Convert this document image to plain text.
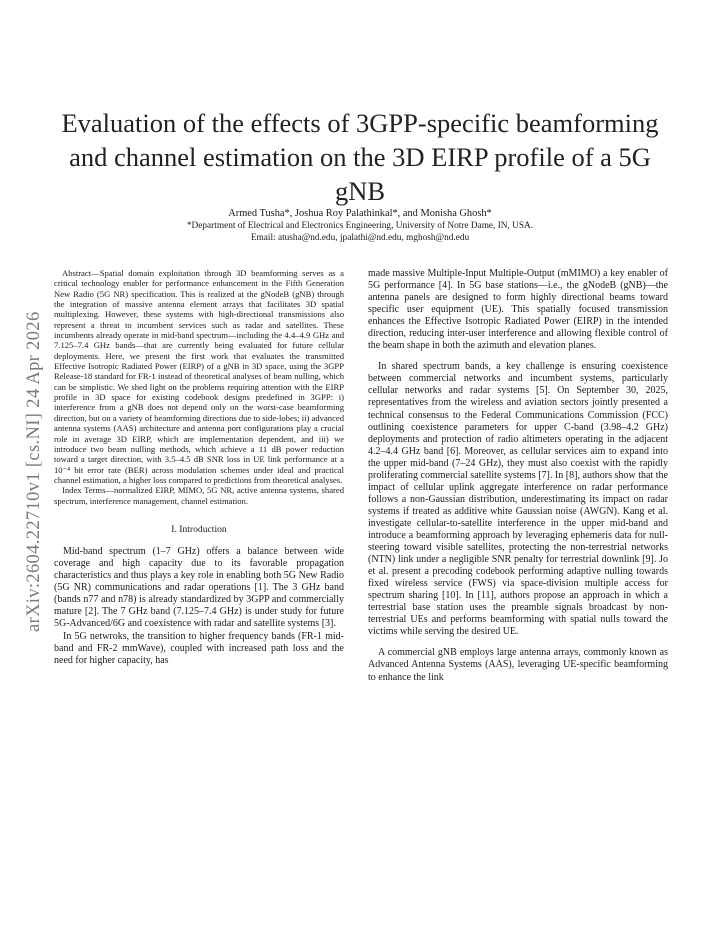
Evaluation of the effects of 3GPP-specific beamforming and channel estimation on the 3D EIRP profile of a 5G gNB
Armed Tusha*, Joshua Roy Palathinkal*, and Monisha Ghosh*
*Department of Electrical and Electronics Engineering, University of Notre Dame, IN, USA.
Email: atusha@nd.edu, jpalathi@nd.edu, mghosh@nd.edu
arXiv:2604.22710v1 [cs.NI] 24 Apr 2026

Abstract—Spatial domain exploitation through 3D beamforming serves as a critical technology enabler for performance enhancement in the Fifth Generation New Radio (5G NR) specification. This is realized at the gNodeB (gNB) through the integration of massive antenna element arrays that facilitates 3D spatial multiplexing. However, these systems with high-directional transmissions also represent a threat to incumbent services such as radar and satellites. These incumbents already operate in mid-band spectrum—including the 4.4–4.9 GHz and 7.125–7.4 GHz bands—that are currently being evaluated for future cellular deployments. Here, we present the first work that evaluates the transmitted Effective Isotropic Radiated Power (EIRP) of a gNB in 3D space, using the 3GPP Release-18 standard for FR-1 instead of theoretical analyses of beam nulling, which can be simplistic. We shed light on the problems requiring attention with the EIRP profile in 3D space for existing codebook designs predefined in 3GPP: i) interference from a gNB does not depend only on the worst-case beamforming direction, but on a variety of beamforming directions due to side-lobes; ii) advanced antenna systems (AAS) architecture and antenna port configurations play a crucial role in average 3D EIRP, which are implementation dependent, and iii) we introduce two beam nulling methods, which achieve a 11 dB power reduction toward a target direction, with 3.5–4.5 dB SNR loss in UE link performance at a 10⁻⁴ bit error rate (BER) across modulation schemes under ideal and practical channel estimation, a higher loss compared to predictions from theoretical analyses.

Index Terms—normalized EIRP, MIMO, 5G NR, active antenna systems, shared spectrum, interference management, channel estimation.

I. Introduction

Mid-band spectrum (1–7 GHz) offers a balance between wide coverage and high capacity due to its favorable propagation characteristics and thus plays a key role in enabling both 5G New Radio (5G NR) communications and radar operations [1]. The 3 GHz band (bands n77 and n78) is already standardized by 3GPP and commercially mature [2]. The 7 GHz band (7.125–7.4 GHz) is under study for future 5G-Advanced/6G and coexistence with radar and satellite systems [3].

In 5G netwroks, the transition to higher frequency bands (FR-1 mid-band and FR-2 mmWave), coupled with increased path loss and the need for higher capacity, has

made massive Multiple-Input Multiple-Output (mMIMO) a key enabler of 5G performance [4]. In 5G base stations—i.e., the gNodeB (gNB)—the antenna panels are designed to form highly directional beams toward specific user equipment (UE). This spatially focused transmission enhances the Effective Isotropic Radiated Power (EIRP) in the intended direction, reducing inter-user interference and allowing flexible control of the beam shape in both the azimuth and elevation planes.

In shared spectrum bands, a key challenge is ensuring coexistence between commercial networks and incumbent systems, particularly cellular networks and radar systems [5]. On September 30, 2025, representatives from the wireless and aviation sectors jointly presented a technical consensus to the Federal Communications Commission (FCC) outlining coexistence parameters for upper C-band (3.98–4.2 GHz) deployments and protection of radio altimeters operating in the adjacent 4.2–4.4 GHz band [6]. Moreover, as cellular services aim to expand into the upper mid-band (7–24 GHz), they must also coexist with the rapidly proliferating commercial satellite systems [7]. In [8], authors show that the impact of cellular uplink aggregate interference on radar performance follows a non-Gaussian distribution, underestimating its impact on radar systems if treated as additive white Gaussian noise (AWGN). Kang et al. investigate cellular-to-satellite interference in the upper mid-band and introduce a beamforming approach by leveraging ephemeris data for null-steering toward visible satellites, protecting the non-terrestrial networks (NTN) link under a negligible SNR penalty for terrestrial downlink [9]. Jo et al. present a precoding codebook performing adaptive nulling towards fixed wireless service (FWS) via space-division multiple access for spectrum sharing [10]. In [11], authors propose an approach in which a terrestrial base station uses the preamble signals broadcast by non-terrestrial UEs and performs beamforming with spatial nulls toward the victims while serving the desired UE.

A commercial gNB employs large antenna arrays, commonly known as Advanced Antenna Systems (AAS), leveraging UE-specific beamforming to enhance the link
